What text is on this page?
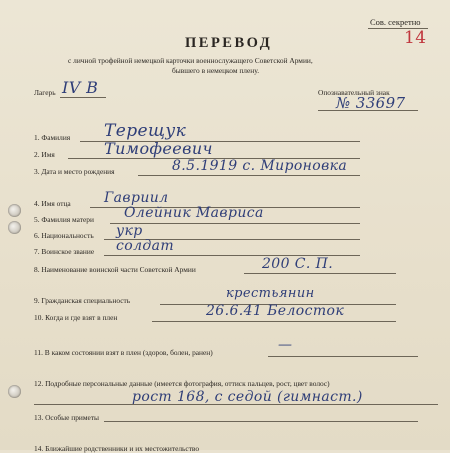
Сов. секретно
14
ПЕРЕВОД
с личной трофейной немецкой карточки военнослужащего Советской Армии,
бывшего в немецком плену.
Лагерь IV В	Опознавательный знак
№ 33697
1. Фамилия Терещук
2. Имя	Тимофеевич
3. Дата и место рождения	8.5.1919 с. Мироновка
4. Имя отца Гавриил
5. Фамилия матери Олейник Мавриса
6. Национальность укр
7. Воинское звание солдат
8. Наименование воинской части Советской Армии	200 С. П.
9. Гражданская специальность	крестьянин
10. Когда и где взят в плен	26.6.41 Белосток
11. В каком состоянии взят в плен (здоров, болен, ранен)	—
12. Подробные персональные данные (имеется фотография, оттиск пальцев, рост, цвет волос)
рост 168, с седой (гимнаст.)
13. Особые приметы
14. Ближайшие родственники и их местожительство
